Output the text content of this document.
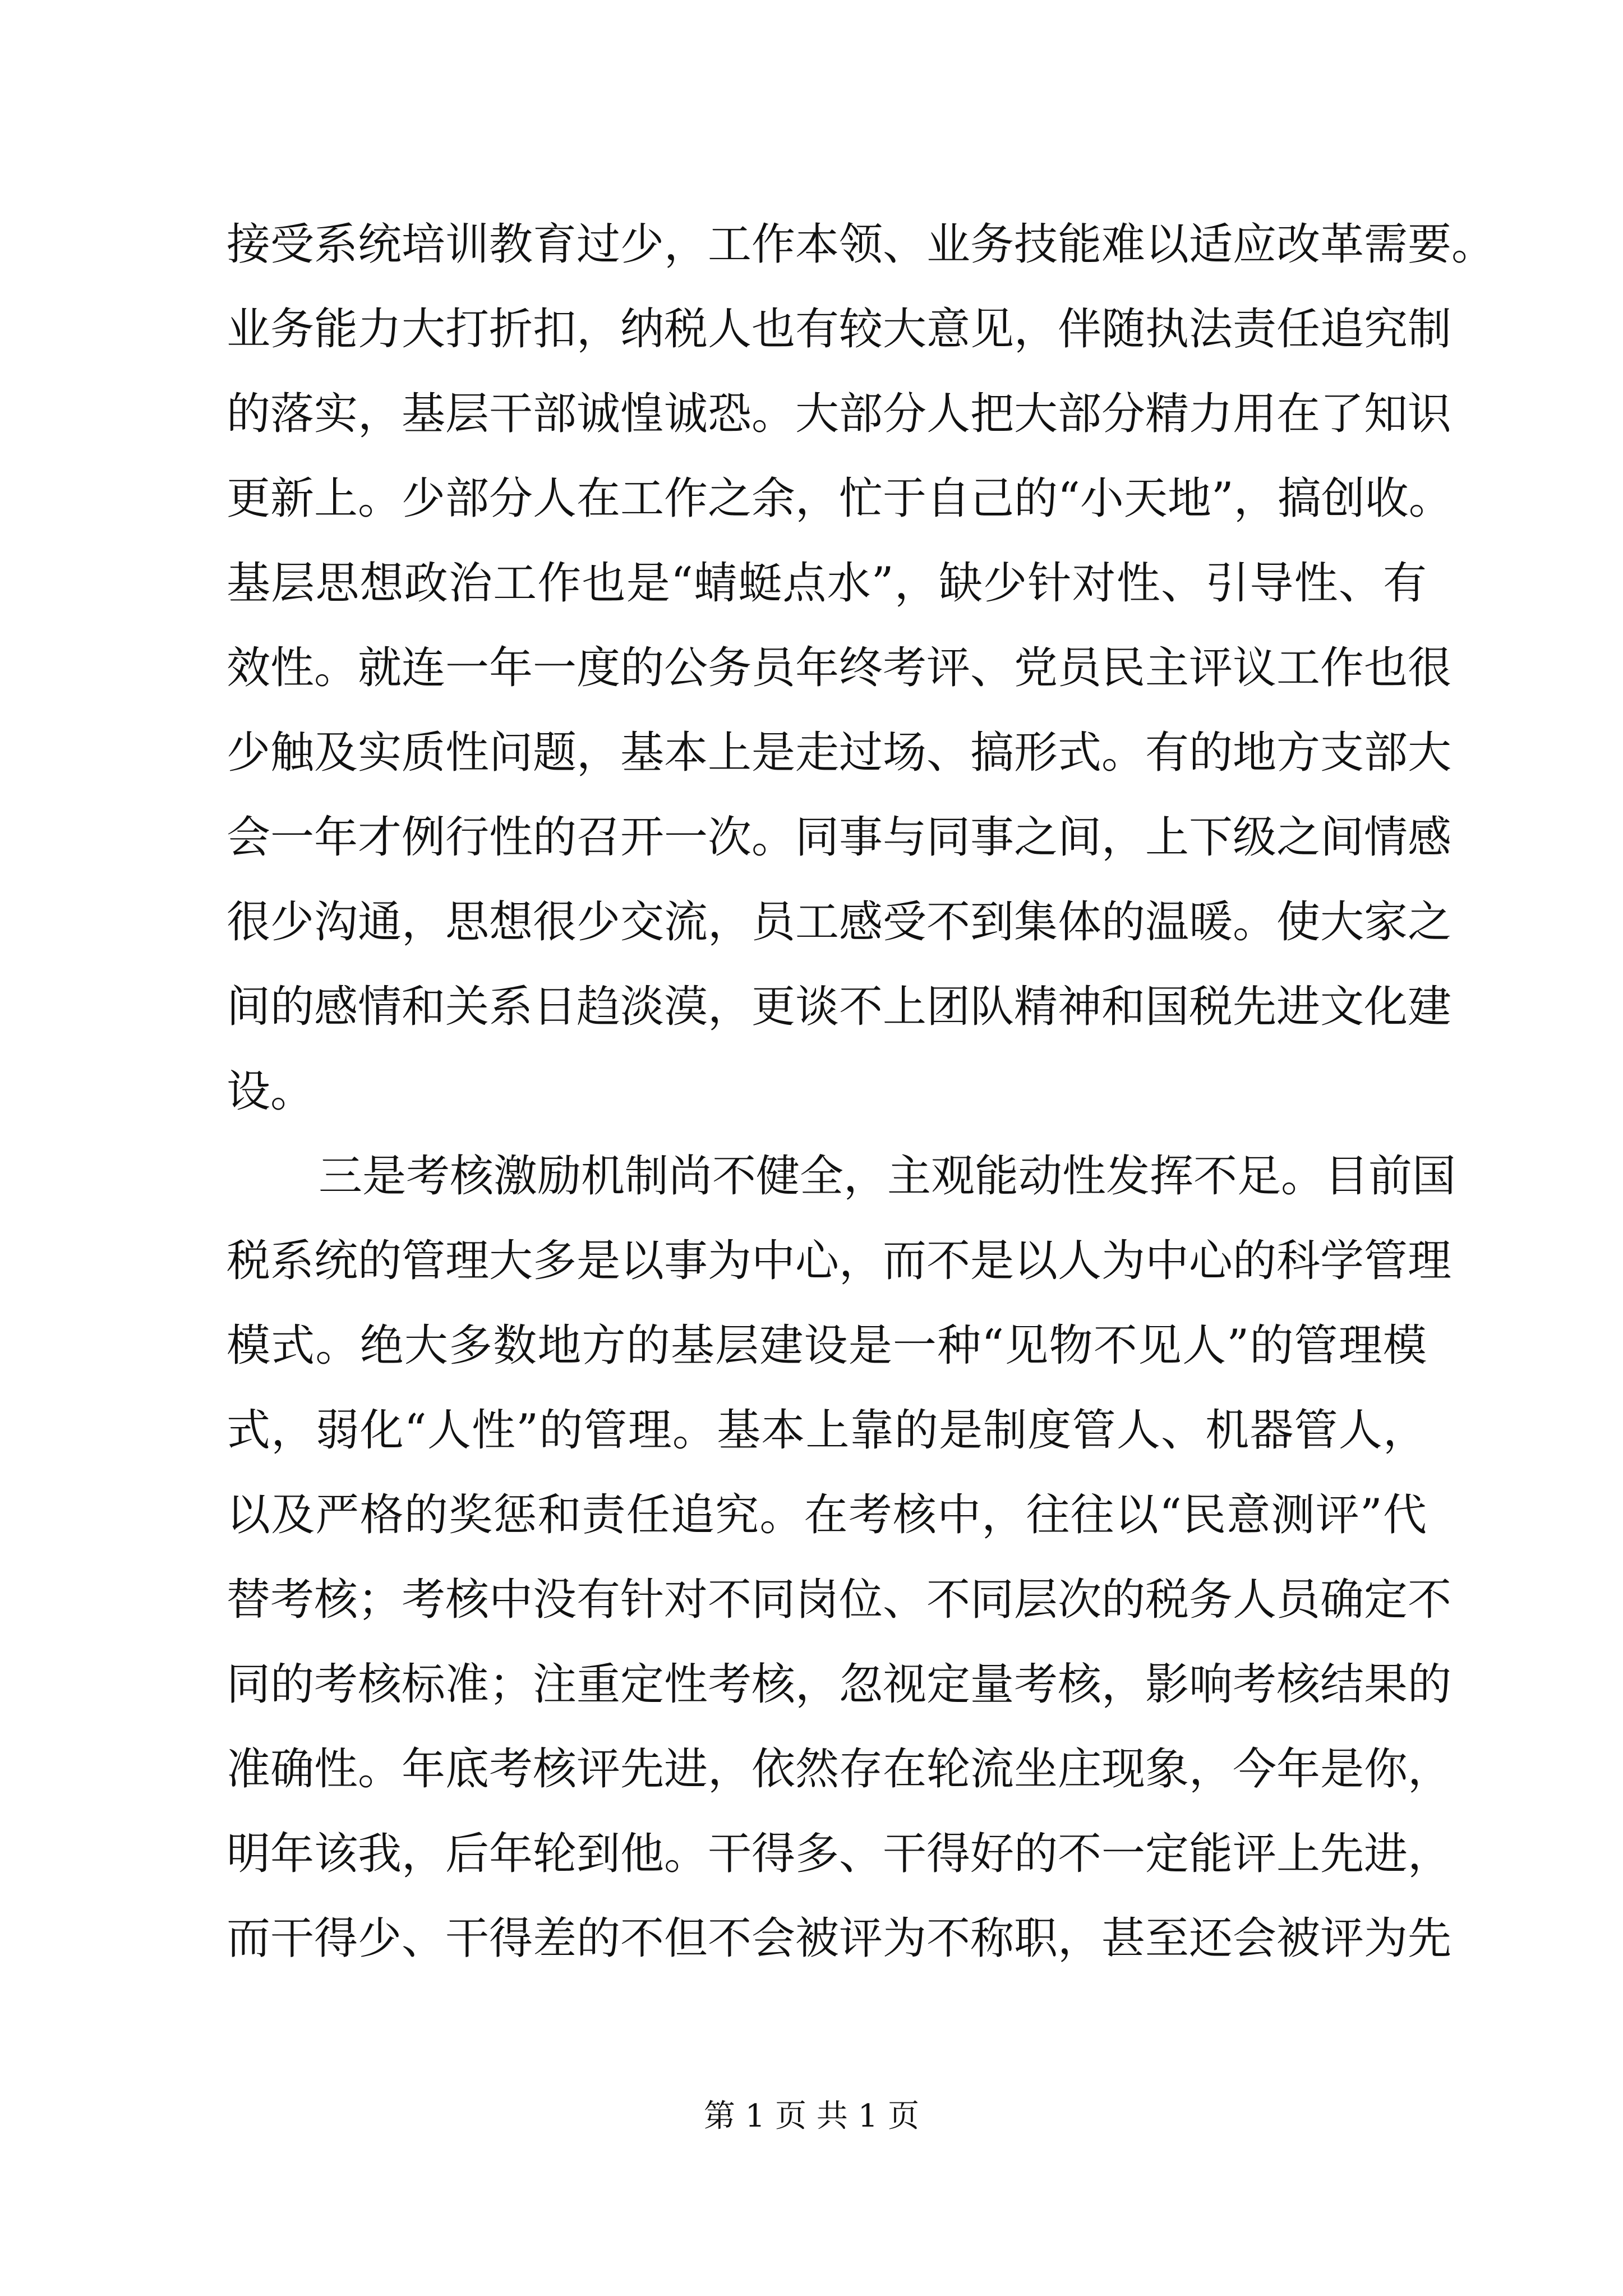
接受系统培训教育过少，工作本领、业务技能难以适应改革需要。
业务能力大打折扣，纳税人也有较大意见，伴随执法责任追究制
的落实，基层干部诚惶诚恐。大部分人把大部分精力用在了知识
更新上。少部分人在工作之余，忙于自己的“小天地”，搞创收。
基层思想政治工作也是“蜻蜓点水”，缺少针对性、引导性、有
效性。就连一年一度的公务员年终考评、党员民主评议工作也很
少触及实质性问题，基本上是走过场、搞形式。有的地方支部大
会一年才例行性的召开一次。同事与同事之间，上下级之间情感
很少沟通，思想很少交流，员工感受不到集体的温暖。使大家之
间的感情和关系日趋淡漠，更谈不上团队精神和国税先进文化建
设。
三是考核激励机制尚不健全，主观能动性发挥不足。目前国
税系统的管理大多是以事为中心，而不是以人为中心的科学管理
模式。绝大多数地方的基层建设是一种“见物不见人”的管理模
式，弱化“人性”的管理。基本上靠的是制度管人、机器管人，
以及严格的奖惩和责任追究。在考核中，往往以“民意测评”代
替考核；考核中没有针对不同岗位、不同层次的税务人员确定不
同的考核标准；注重定性考核，忽视定量考核，影响考核结果的
准确性。年底考核评先进，依然存在轮流坐庄现象，今年是你，
明年该我，后年轮到他。干得多、干得好的不一定能评上先进，
而干得少、干得差的不但不会被评为不称职，甚至还会被评为先
第 1 页 共 1 页
